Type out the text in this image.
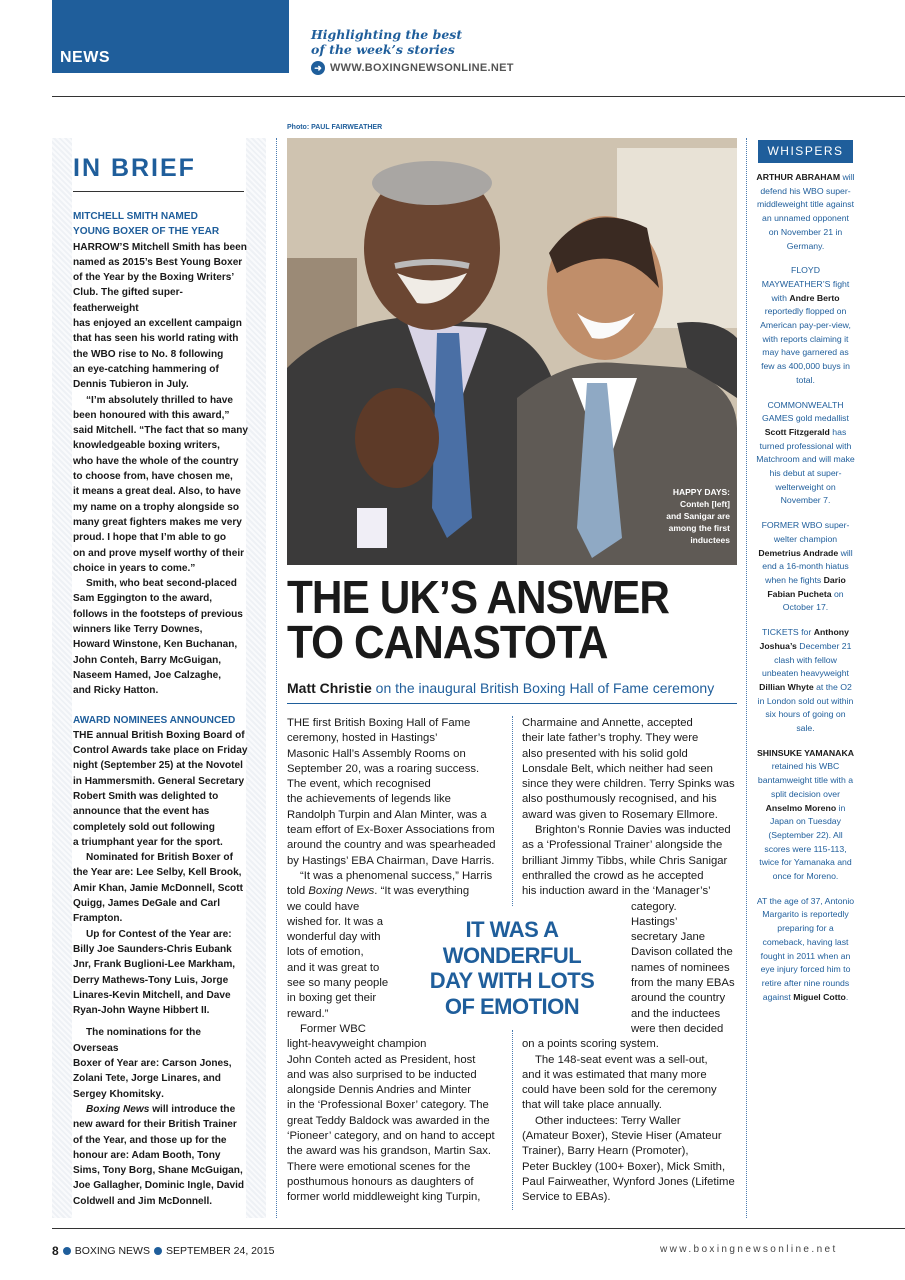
NEWS
Highlighting the best
of the week’s stories
➜ WWW.BOXINGNEWSONLINE.NET
IN BRIEF

MITCHELL SMITH NAMED
YOUNG BOXER OF THE YEAR

HARROW’S Mitchell Smith has been
named as 2015’s Best Young Boxer
of the Year by the Boxing Writers’
Club. The gifted super-featherweight
has enjoyed an excellent campaign
that has seen his world rating with
the WBO rise to No. 8 following
an eye-catching hammering of
Dennis Tubieron in July.
“I’m absolutely thrilled to have
been honoured with this award,”
said Mitchell. “The fact that so many
knowledgeable boxing writers,
who have the whole of the country
to choose from, have chosen me,
it means a great deal. Also, to have
my name on a trophy alongside so
many great fighters makes me very
proud. I hope that I’m able to go
on and prove myself worthy of their
choice in years to come.”

Smith, who beat second-placed
Sam Eggington to the award,

follows in the footsteps of previous
winners like Terry Downes,
Howard Winstone, Ken Buchanan,
John Conteh, Barry McGuigan,
Naseem Hamed, Joe Calzaghe,
and Ricky Hatton.

AWARD NOMINEES ANNOUNCED

THE annual British Boxing Board of
Control Awards take place on Friday
night (September 25) at the Novotel
in Hammersmith. General Secretary
Robert Smith was delighted to
announce that the event has
completely sold out following
a triumphant year for the sport.

Nominated for British Boxer of
the Year are: Lee Selby, Kell Brook, Amir Khan, Jamie McDonnell, Scott Quigg, James DeGale and Carl Frampton.

Up for Contest of the Year are:
Billy Joe Saunders-Chris Eubank Jnr, Frank Buglioni-Lee Markham, Derry Mathews-Tony Luis, Jorge Linares-Kevin Mitchell, and Dave Ryan-John Wayne Hibbert II.

The nominations for the Overseas
Boxer of Year are: Carson Jones, Zolani Tete, Jorge Linares, and Sergey Khomitsky.

Boxing News will introduce the new award for their British Trainer of the Year, and those up for the honour are: Adam Booth, Tony Sims, Tony Borg, Shane McGuigan, Joe Gallagher, Dominic Ingle, David Coldwell and Jim McDonnell.

Photo: PAUL FAIRWEATHER
HAPPY DAYS:
Conteh [left]
and Sanigar are
among the first
inductees
THE UK’S ANSWER
TO CANASTOTA
Matt Christie on the inaugural British Boxing Hall of Fame ceremony
THE first British Boxing Hall of Fame
ceremony, hosted in Hastings’
Masonic Hall’s Assembly Rooms on
September 20, was a roaring success.
The event, which recognised
the achievements of legends like
Randolph Turpin and Alan Minter, was a
team effort of Ex-Boxer Associations from
around the country and was spearheaded
by Hastings’ EBA Chairman, Dave Harris.

“It was a phenomenal success,” Harris

told Boxing News. “It was everything

we could have
wished for. It was a
wonderful day with
lots of emotion,
and it was great to
see so many people
in boxing get their
reward.”

Former WBC

light-heavyweight champion
John Conteh acted as President, host
and was also surprised to be inducted
alongside Dennis Andries and Minter
in the ‘Professional Boxer’ category. The
great Teddy Baldock was awarded in the
‘Pioneer’ category, and on hand to accept
the award was his grandson, Martin Sax.
There were emotional scenes for the
posthumous honours as daughters of
former world middleweight king Turpin,
Charmaine and Annette, accepted
their late father’s trophy. They were
also presented with his solid gold
Lonsdale Belt, which neither had seen
since they were children. Terry Spinks was
also posthumously recognised, and his
award was given to Rosemary Ellmore.
Brighton’s Ronnie Davies was inducted
as a ‘Professional Trainer’ alongside the
brilliant Jimmy Tibbs, while Chris Sanigar
enthralled the crowd as he accepted
his induction award in the ‘Manager’s’
category.
Hastings’
secretary Jane
Davison collated the
names of nominees
from the many EBAs
around the country
and the inductees
were then decided

on a points scoring system.

The 148-seat event was a sell-out,
and it was estimated that many more
could have been sold for the ceremony
that will take place annually.
Other inductees: Terry Waller
(Amateur Boxer), Stevie Hiser (Amateur
Trainer), Barry Hearn (Promoter),
Peter Buckley (100+ Boxer), Mick Smith,
Paul Fairweather, Wynford Jones (Lifetime
Service to EBAs).
IT WAS A WONDERFUL DAY WITH LOTS OF EMOTION
WHISPERS

ARTHUR ABRAHAM will defend his WBO super-middleweight title against an unnamed opponent on November 21 in Germany.

FLOYD MAYWEATHER’S fight with Andre Berto reportedly flopped on American pay-per-view, with reports claiming it may have garnered as few as 400,000 buys in total.

COMMONWEALTH GAMES gold medallist Scott Fitzgerald has turned professional with Matchroom and will make his debut at super-welterweight on November 7.

FORMER WBO super-welter champion Demetrius Andrade will end a 16-month hiatus when he fights Dario Fabian Pucheta on October 17.

TICKETS for Anthony Joshua’s December 21 clash with fellow unbeaten heavyweight Dillian Whyte at the O2 in London sold out within six hours of going on sale.

SHINSUKE YAMANAKA retained his WBC bantamweight title with a split decision over Anselmo Moreno in Japan on Tuesday (September 22). All scores were 115-113, twice for Yamanaka and once for Moreno.

AT the age of 37, Antonio Margarito is reportedly preparing for a comeback, having last fought in 2011 when an eye injury forced him to retire after nine rounds against Miguel Cotto.

8 BOXING NEWS SEPTEMBER 24, 2015	www.boxingnewsonline.net
